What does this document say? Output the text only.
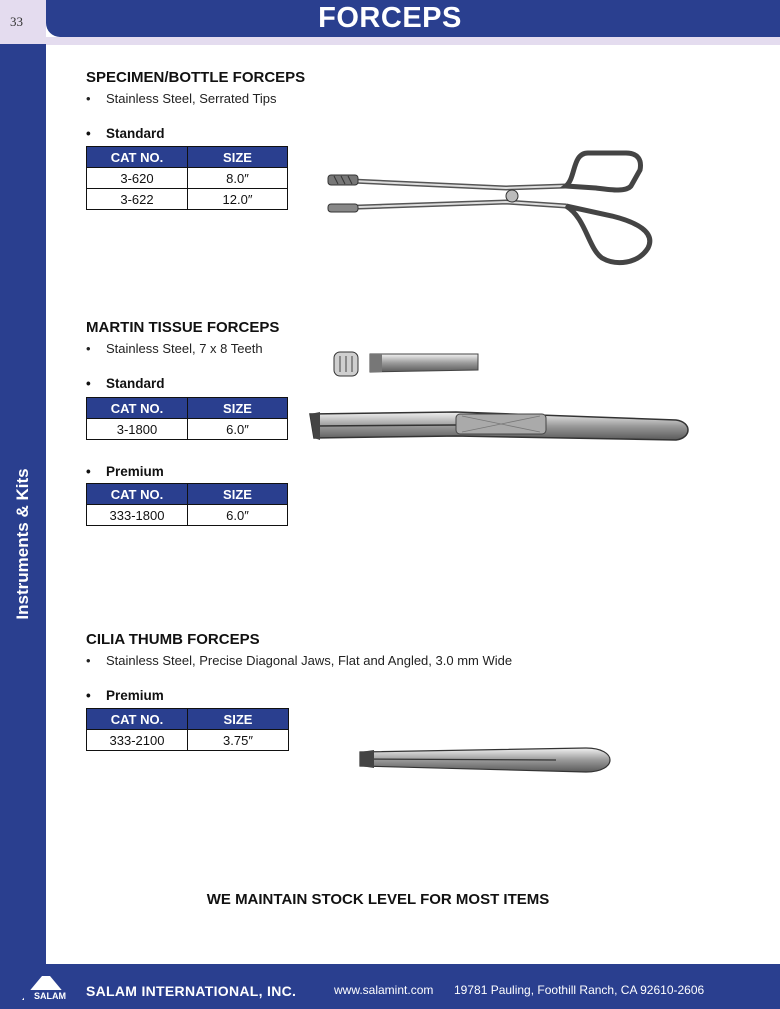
33	FORCEPS
Instruments & Kits
SPECIMEN/BOTTLE FORCEPS
• Stainless Steel, Serrated Tips
• Standard
CAT NO.	SIZE
3-620	8.0″
3-622	12.0″
MARTIN TISSUE FORCEPS
• Stainless Steel, 7 x 8 Teeth
• Standard
CAT NO.	SIZE
3-1800	6.0″
• Premium
CAT NO.	SIZE
333-1800	6.0″
CILIA THUMB FORCEPS
• Stainless Steel, Precise Diagonal Jaws, Flat and Angled, 3.0 mm Wide
• Premium
CAT NO.	SIZE
333-2100	3.75″
WE MAINTAIN STOCK LEVEL FOR MOST ITEMS
SALAM SALAM INTERNATIONAL, INC.	www.salamint.com 19781 Pauling, Foothill Ranch, CA 92610-2606
